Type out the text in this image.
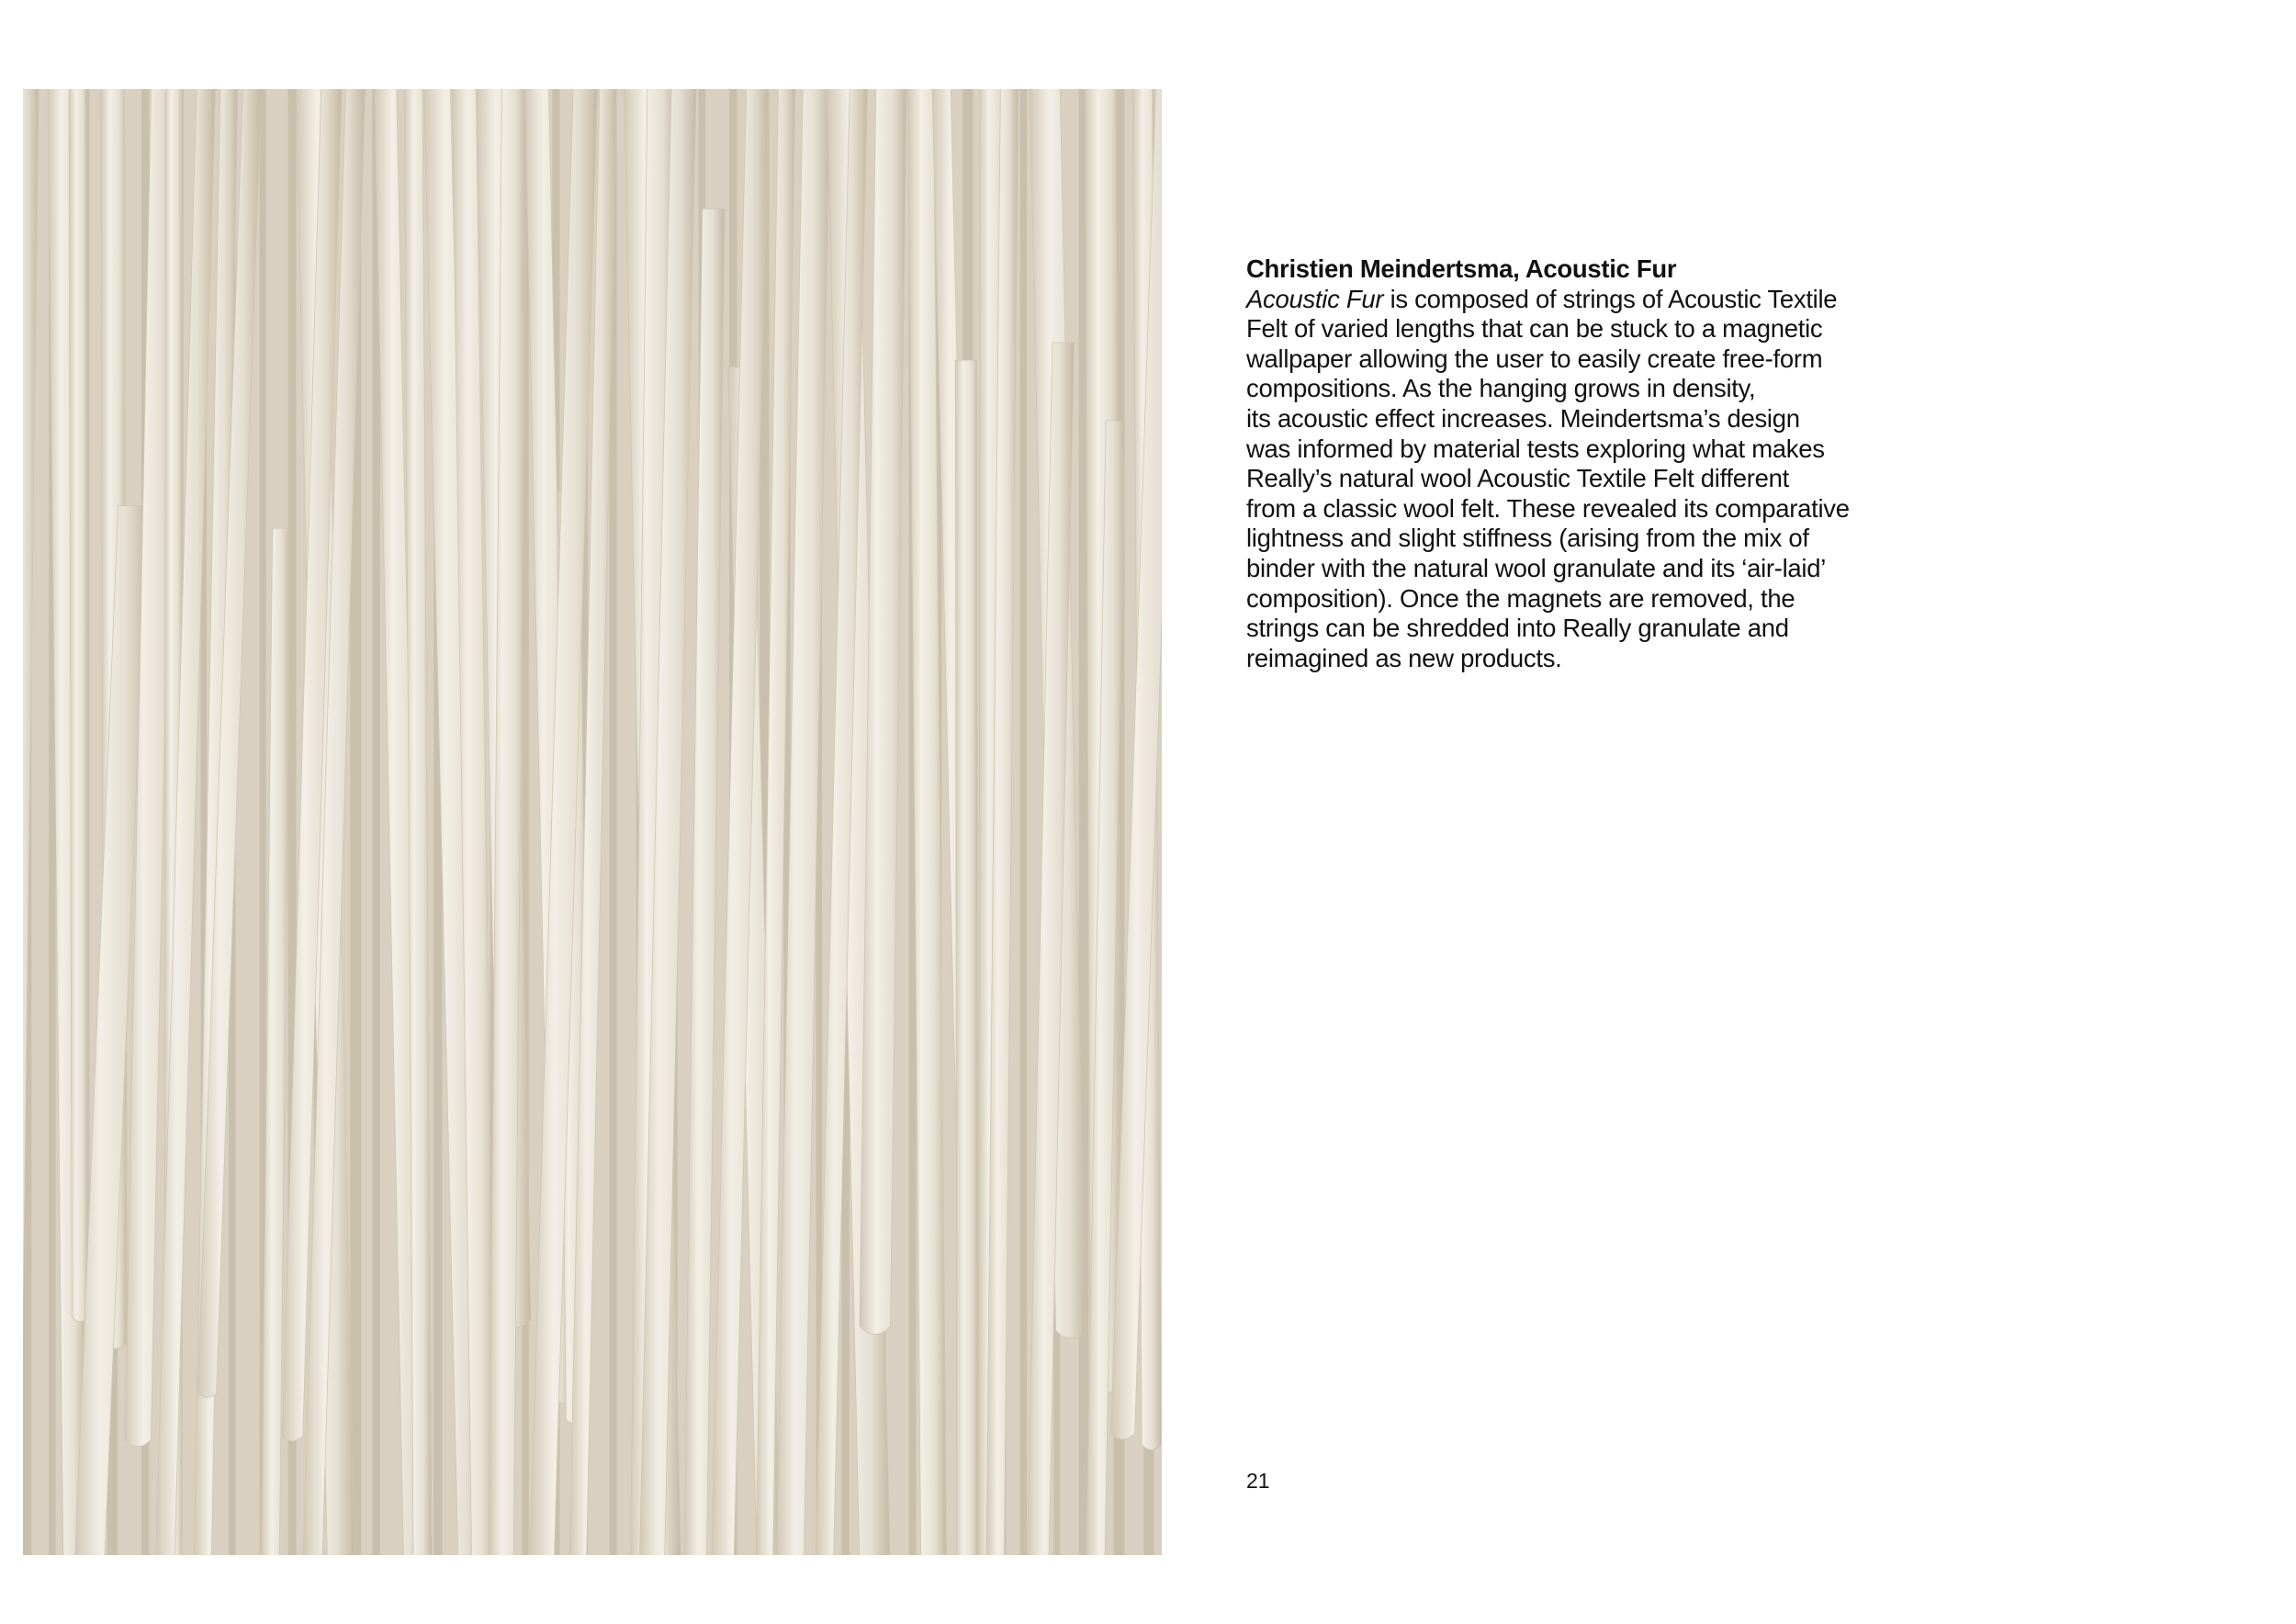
Christien Meindertsma, Acoustic Fur
Acoustic Fur is composed of strings of Acoustic Textile
Felt of varied lengths that can be stuck to a magnetic
wallpaper allowing the user to easily create free-form
compositions. As the hanging grows in density,
its acoustic effect increases. Meindertsma’s design
was informed by material tests exploring what makes
Really’s natural wool Acoustic Textile Felt different
from a classic wool felt. These revealed its comparative
lightness and slight stiffness (arising from the mix of
binder with the natural wool granulate and its ‘air-laid’
composition). Once the magnets are removed, the
strings can be shredded into Really granulate and
reimagined as new products.
21
